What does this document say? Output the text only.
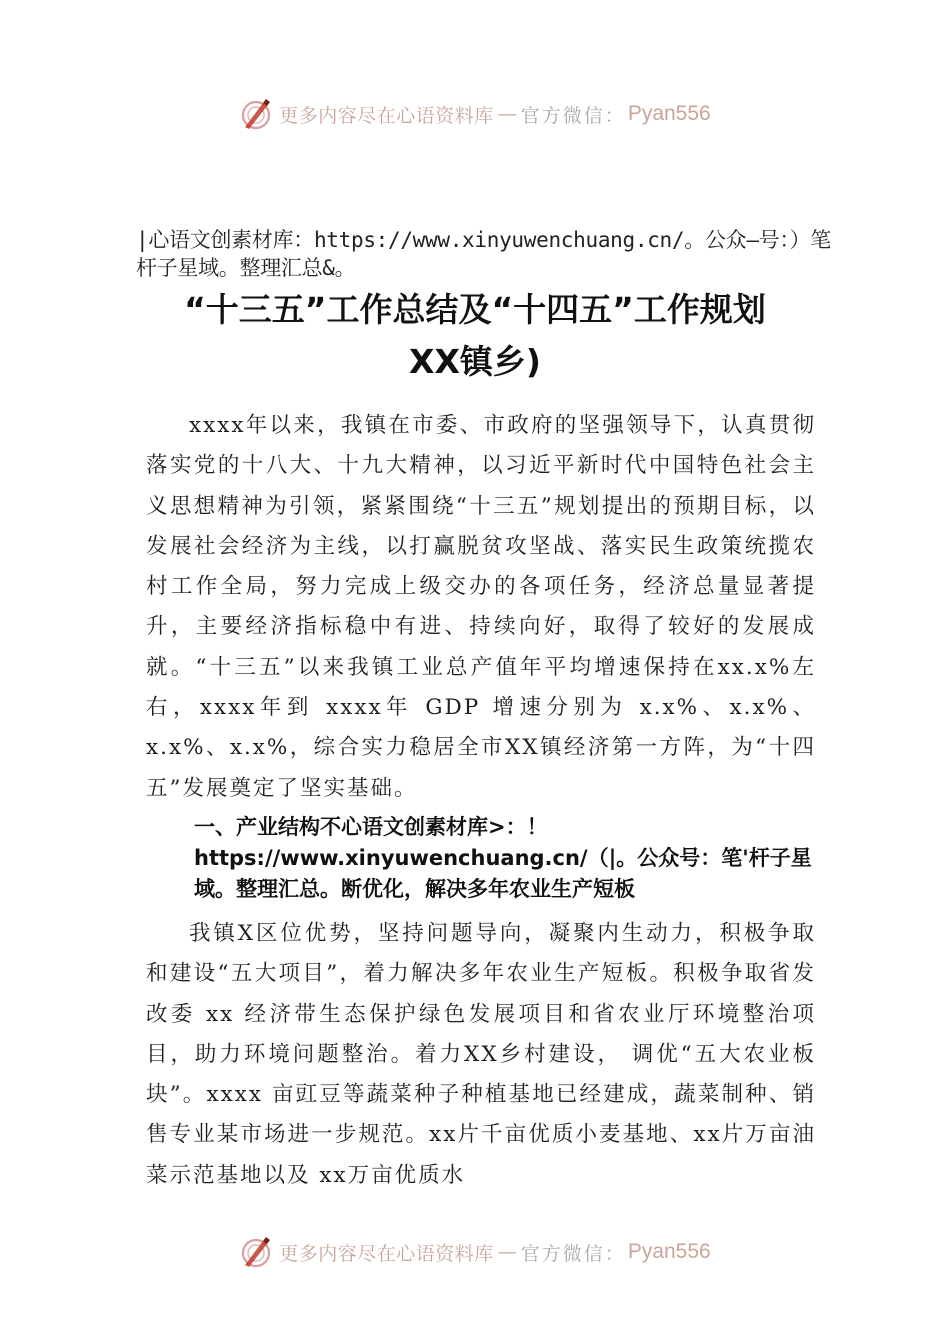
更多内容尽在心语资料库 — 官方微信： Pyan556
|心语文创素材库：https://www.xinyuwenchuang.cn/。公众—号：）笔杆子星域。整理汇总&。
“十三五”工作总结及“十四五”工作规划
XX镇乡)

xxxx年以来，我镇在市委、市政府的坚强领导下，认真贯彻落实党的十八大、十九大精神，以习近平新时代中国特色社会主义思想精神为引领，紧紧围绕“十三五”规划提出的预期目标，以发展社会经济为主线，以打赢脱贫攻坚战、落实民生政策统揽农村工作全局，努力完成上级交办的各项任务，经济总量显著提升，主要经济指标稳中有进、持续向好，取得了较好的发展成就。“十三五”以来我镇工业总产值年平均增速保持在xx.x%左右，xxxx年到 xxxx年 GDP 增速分别为 x.x%、x.x%、x.x%、x.x%，综合实力稳居全市XX镇经济第一方阵，为“十四五”发展奠定了坚实基础。

一、产业结构不心语文创素材库>：！https://www.xinyuwenchuang.cn/（|。公众号：笔'杆子星域。整理汇总。断优化，解决多年农业生产短板

我镇X区位优势，坚持问题导向，凝聚内生动力，积极争取和建设“五大项目”，着力解决多年农业生产短板。积极争取省发改委 xx 经济带生态保护绿色发展项目和省农业厅环境整治项目，助力环境问题整治。着力XX乡村建设， 调优“五大农业板块”。xxxx 亩豇豆等蔬菜种子种植基地已经建成，蔬菜制种、销售专业某市场进一步规范。xx片千亩优质小麦基地、xx片万亩油菜示范基地以及 xx万亩优质水

更多内容尽在心语资料库 — 官方微信： Pyan556
